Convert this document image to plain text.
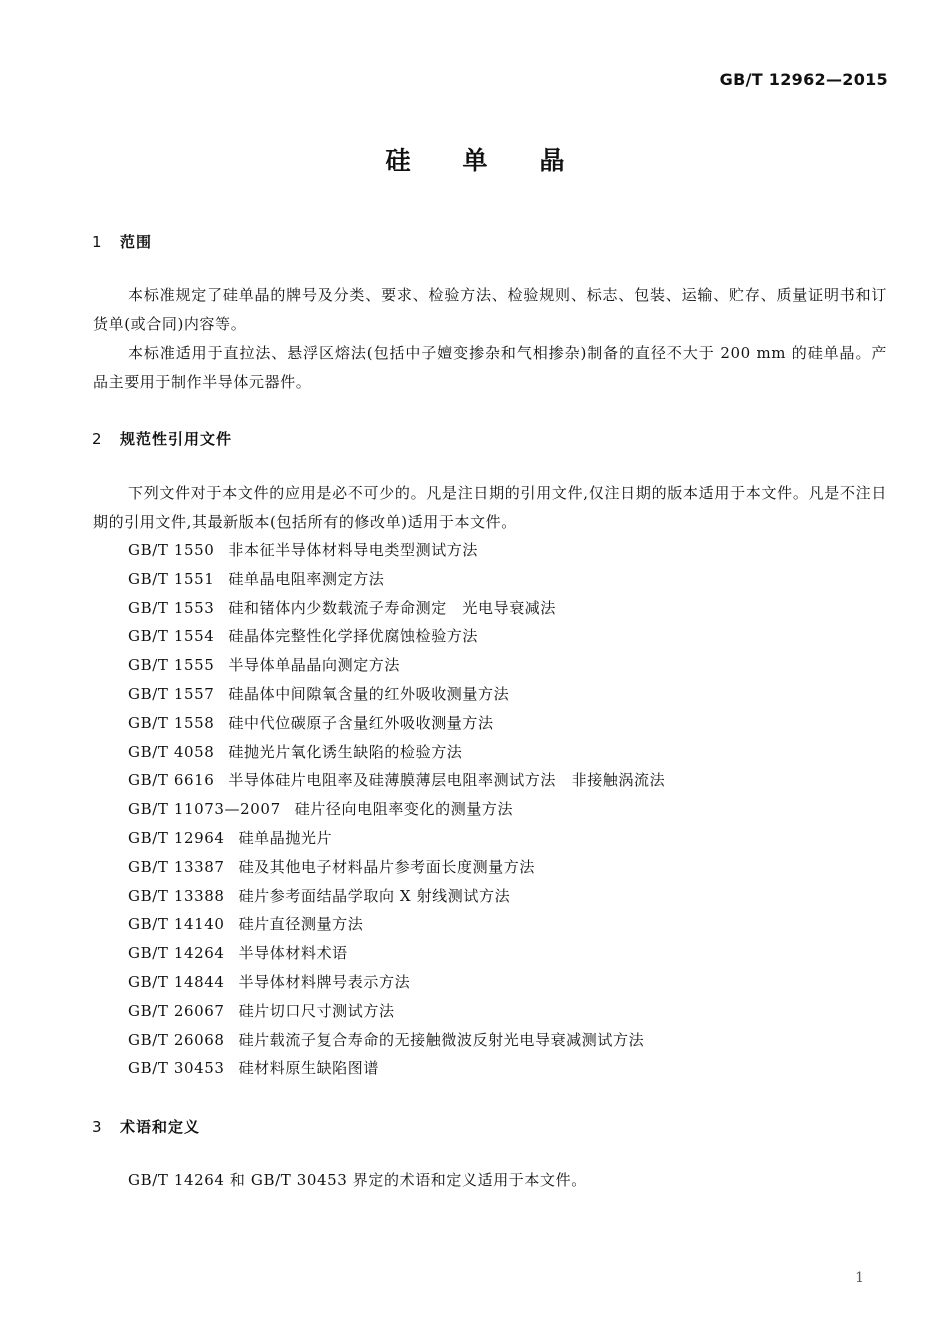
GB/T 12962—2015
硅单晶
1 范围

本标准规定了硅单晶的牌号及分类、要求、检验方法、检验规则、标志、包装、运输、贮存、质量证明书和订货单(或合同)内容等。

本标准适用于直拉法、悬浮区熔法(包括中子嬗变掺杂和气相掺杂)制备的直径不大于 200 mm 的硅单晶。产品主要用于制作半导体元器件。

2 规范性引用文件

下列文件对于本文件的应用是必不可少的。凡是注日期的引用文件,仅注日期的版本适用于本文件。凡是不注日期的引用文件,其最新版本(包括所有的修改单)适用于本文件。

GB/T 1550 非本征半导体材料导电类型测试方法
GB/T 1551 硅单晶电阻率测定方法
GB/T 1553 硅和锗体内少数载流子寿命测定　光电导衰减法
GB/T 1554 硅晶体完整性化学择优腐蚀检验方法
GB/T 1555 半导体单晶晶向测定方法
GB/T 1557 硅晶体中间隙氧含量的红外吸收测量方法
GB/T 1558 硅中代位碳原子含量红外吸收测量方法
GB/T 4058 硅抛光片氧化诱生缺陷的检验方法
GB/T 6616 半导体硅片电阻率及硅薄膜薄层电阻率测试方法　非接触涡流法
GB/T 11073—2007 硅片径向电阻率变化的测量方法
GB/T 12964 硅单晶抛光片
GB/T 13387 硅及其他电子材料晶片参考面长度测量方法
GB/T 13388 硅片参考面结晶学取向 X 射线测试方法
GB/T 14140 硅片直径测量方法
GB/T 14264 半导体材料术语
GB/T 14844 半导体材料牌号表示方法
GB/T 26067 硅片切口尺寸测试方法
GB/T 26068 硅片载流子复合寿命的无接触微波反射光电导衰减测试方法
GB/T 30453 硅材料原生缺陷图谱
3 术语和定义

GB/T 14264 和 GB/T 30453 界定的术语和定义适用于本文件。

1
